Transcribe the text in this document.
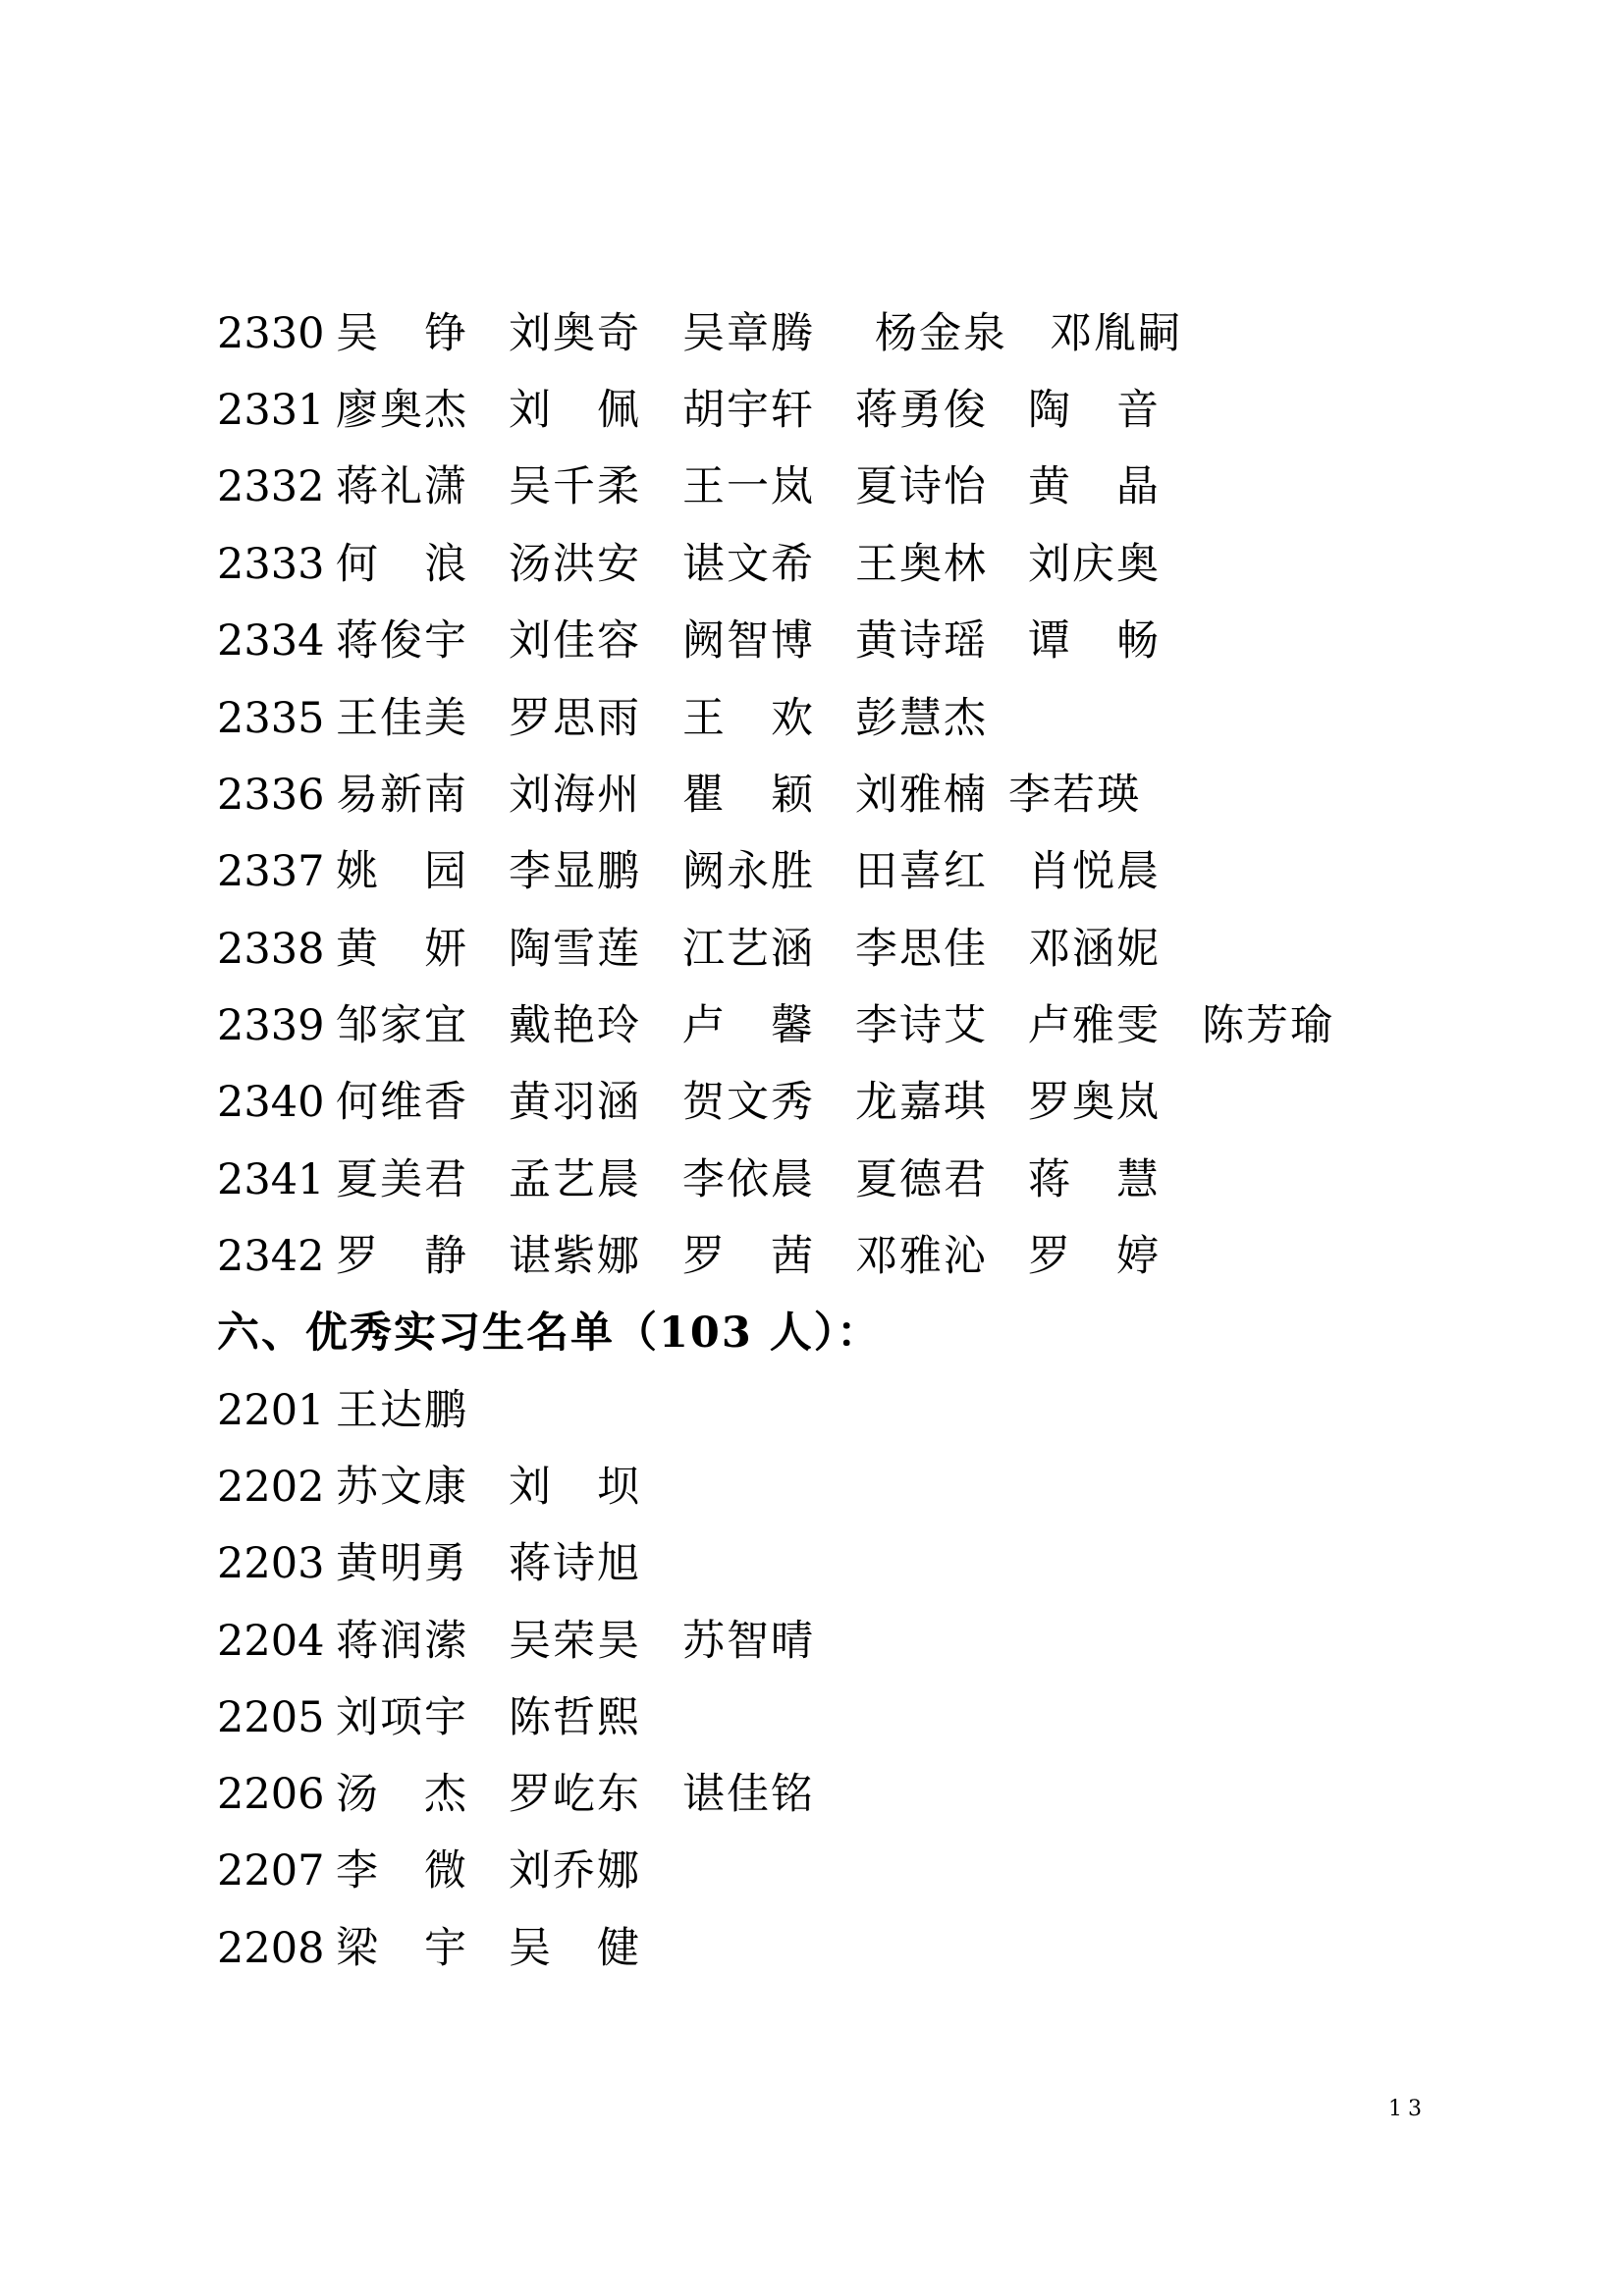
2330 吴　铮 刘奥奇 吴章腾 杨金泉 邓胤嗣
2331 廖奥杰 刘　佩 胡宇轩 蒋勇俊 陶　音
2332 蒋礼潇 吴千柔 王一岚 夏诗怡 黄　晶
2333 何　浪 汤洪安 谌文希 王奥林 刘庆奥
2334 蒋俊宇 刘佳容 阙智博 黄诗瑶 谭　畅
2335 王佳美 罗思雨 王　欢 彭慧杰
2336 易新南 刘海州 瞿　颖 刘雅楠 李若瑛
2337 姚　园 李显鹏 阙永胜 田喜红 肖悦晨
2338 黄　妍 陶雪莲 江艺涵 李思佳 邓涵妮
2339 邹家宜 戴艳玲 卢　馨 李诗艾 卢雅雯 陈芳瑜
2340 何维香 黄羽涵 贺文秀 龙嘉琪 罗奥岚
2341 夏美君 孟艺晨 李依晨 夏德君 蒋　慧
2342 罗　静 谌紫娜 罗　茜 邓雅沁 罗　婷
六、优秀实习生名单（103 人）：
2201 王达鹏
2202 苏文康 刘　坝
2203 黄明勇 蒋诗旭
2204 蒋润潆 吴荣昊 苏智晴
2205 刘项宇 陈哲熙
2206 汤　杰 罗屹东 谌佳铭
2207 李　微 刘乔娜
2208 梁　宇 吴　健
13
